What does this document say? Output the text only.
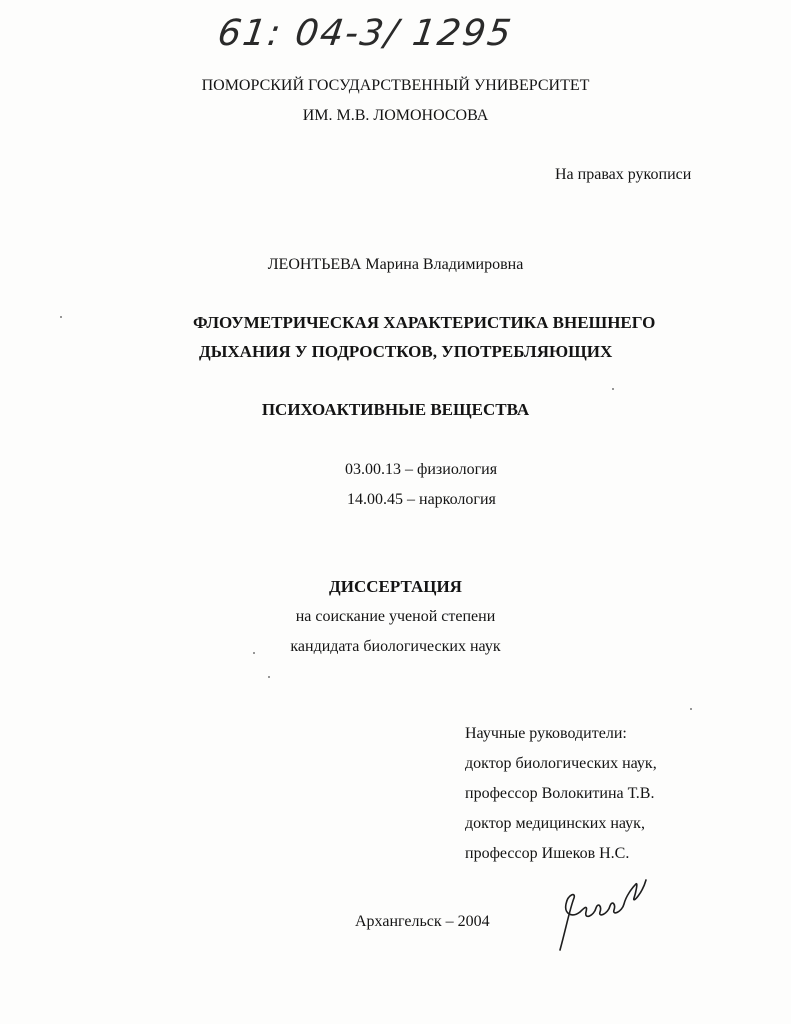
61: 04-3/ 1295
ПОМОРСКИЙ ГОСУДАРСТВЕННЫЙ УНИВЕРСИТЕТ
ИМ. М.В. ЛОМОНОСОВА
На правах рукописи
ЛЕОНТЬЕВА Марина Владимировна
ФЛОУМЕТРИЧЕСКАЯ ХАРАКТЕРИСТИКА ВНЕШНЕГО
ДЫХАНИЯ У ПОДРОСТКОВ, УПОТРЕБЛЯЮЩИХ
ПСИХОАКТИВНЫЕ ВЕЩЕСТВА
03.00.13 – физиология
14.00.45 – наркология
ДИССЕРТАЦИЯ
на соискание ученой степени
кандидата биологических наук
Научные руководители:
доктор биологических наук,
профессор Волокитина Т.В.
доктор медицинских наук,
профессор Ишеков Н.С.
Архангельск – 2004
